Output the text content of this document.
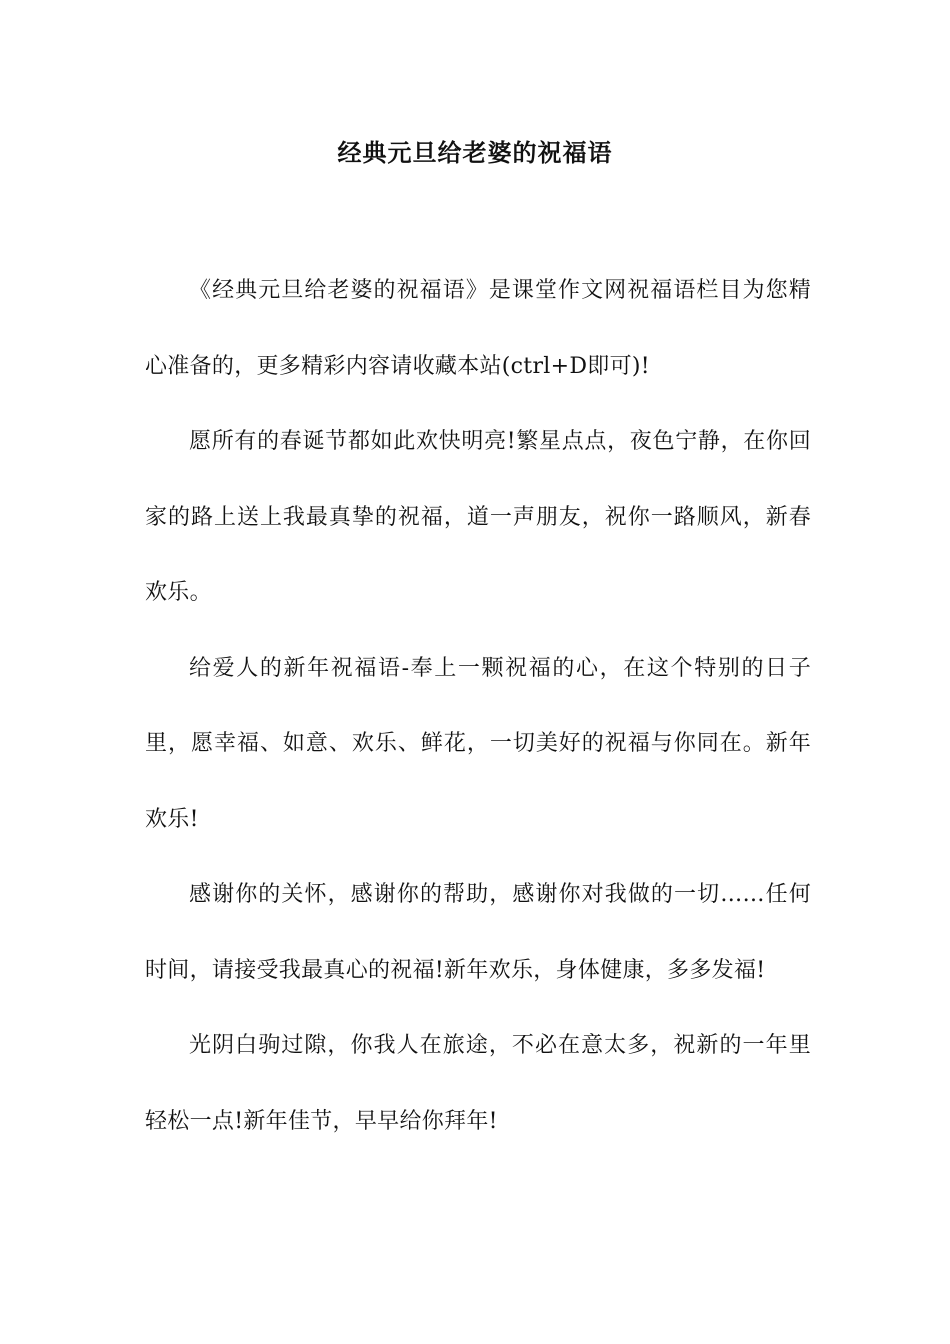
经典元旦给老婆的祝福语

《经典元旦给老婆的祝福语》是课堂作文网祝福语栏目为您精心准备的，更多精彩内容请收藏本站(ctrl+D即可)!

愿所有的春诞节都如此欢快明亮!繁星点点，夜色宁静，在你回家的路上送上我最真挚的祝福，道一声朋友，祝你一路顺风，新春欢乐。

给爱人的新年祝福语-奉上一颗祝福的心，在这个特别的日子里，愿幸福、如意、欢乐、鲜花，一切美好的祝福与你同在。新年欢乐!

感谢你的关怀，感谢你的帮助，感谢你对我做的一切……任何时间，请接受我最真心的祝福!新年欢乐，身体健康，多多发福!

光阴白驹过隙，你我人在旅途，不必在意太多，祝新的一年里轻松一点!新年佳节，早早给你拜年!
